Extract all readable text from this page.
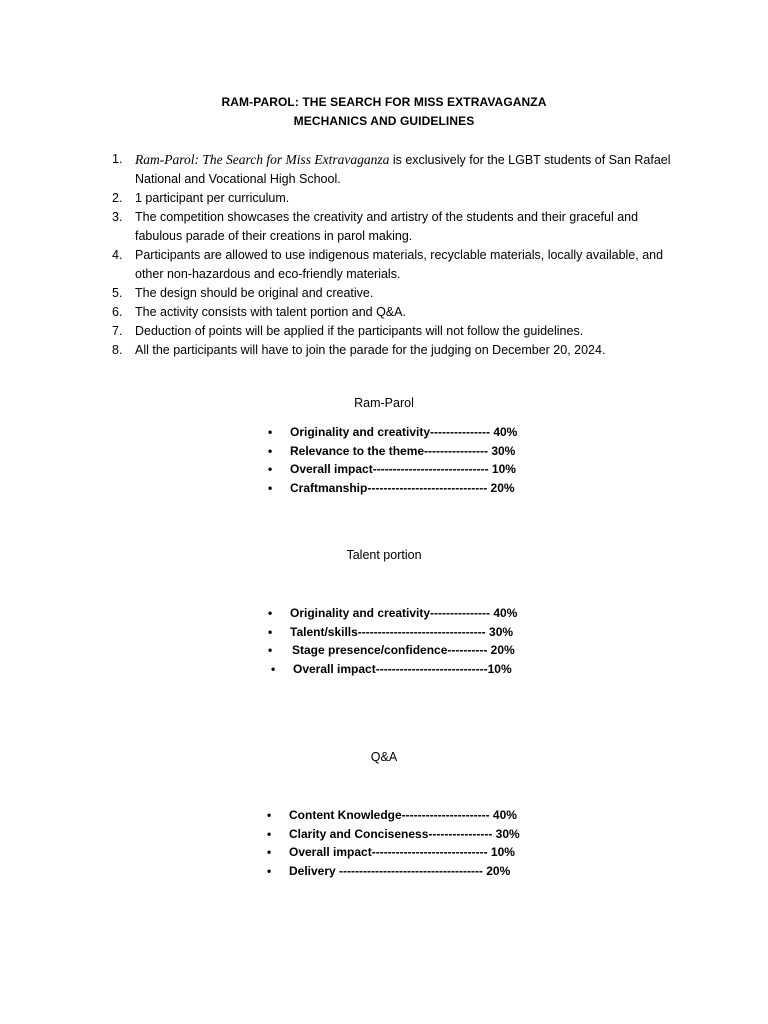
RAM-PAROL: THE SEARCH FOR MISS EXTRAVAGANZA
MECHANICS AND GUIDELINES
1. Ram-Parol: The Search for Miss Extravaganza is exclusively for the LGBT students of San Rafael
National and Vocational High School.
2. 1 participant per curriculum.
3. The competition showcases the creativity and artistry of the students and their graceful and
fabulous parade of their creations in parol making.
4. Participants are allowed to use indigenous materials, recyclable materials, locally available, and
other non-hazardous and eco-friendly materials.
5. The design should be original and creative.
6. The activity consists with talent portion and Q&A.
7. Deduction of points will be applied if the participants will not follow the guidelines.
8. All the participants will have to join the parade for the judging on December 20, 2024.
Ram-Parol
• Originality and creativity--------------- 40%
• Relevance to the theme---------------- 30%
• Overall impact----------------------------- 10%
• Craftmanship------------------------------ 20%
Talent portion
• Originality and creativity--------------- 40%
• Talent/skills-------------------------------- 30%
• Stage presence/confidence---------- 20%
• Overall impact----------------------------10%
Q&A
• Content Knowledge---------------------- 40%
• Clarity and Conciseness---------------- 30%
• Overall impact----------------------------- 10%
• Delivery ------------------------------------ 20%
